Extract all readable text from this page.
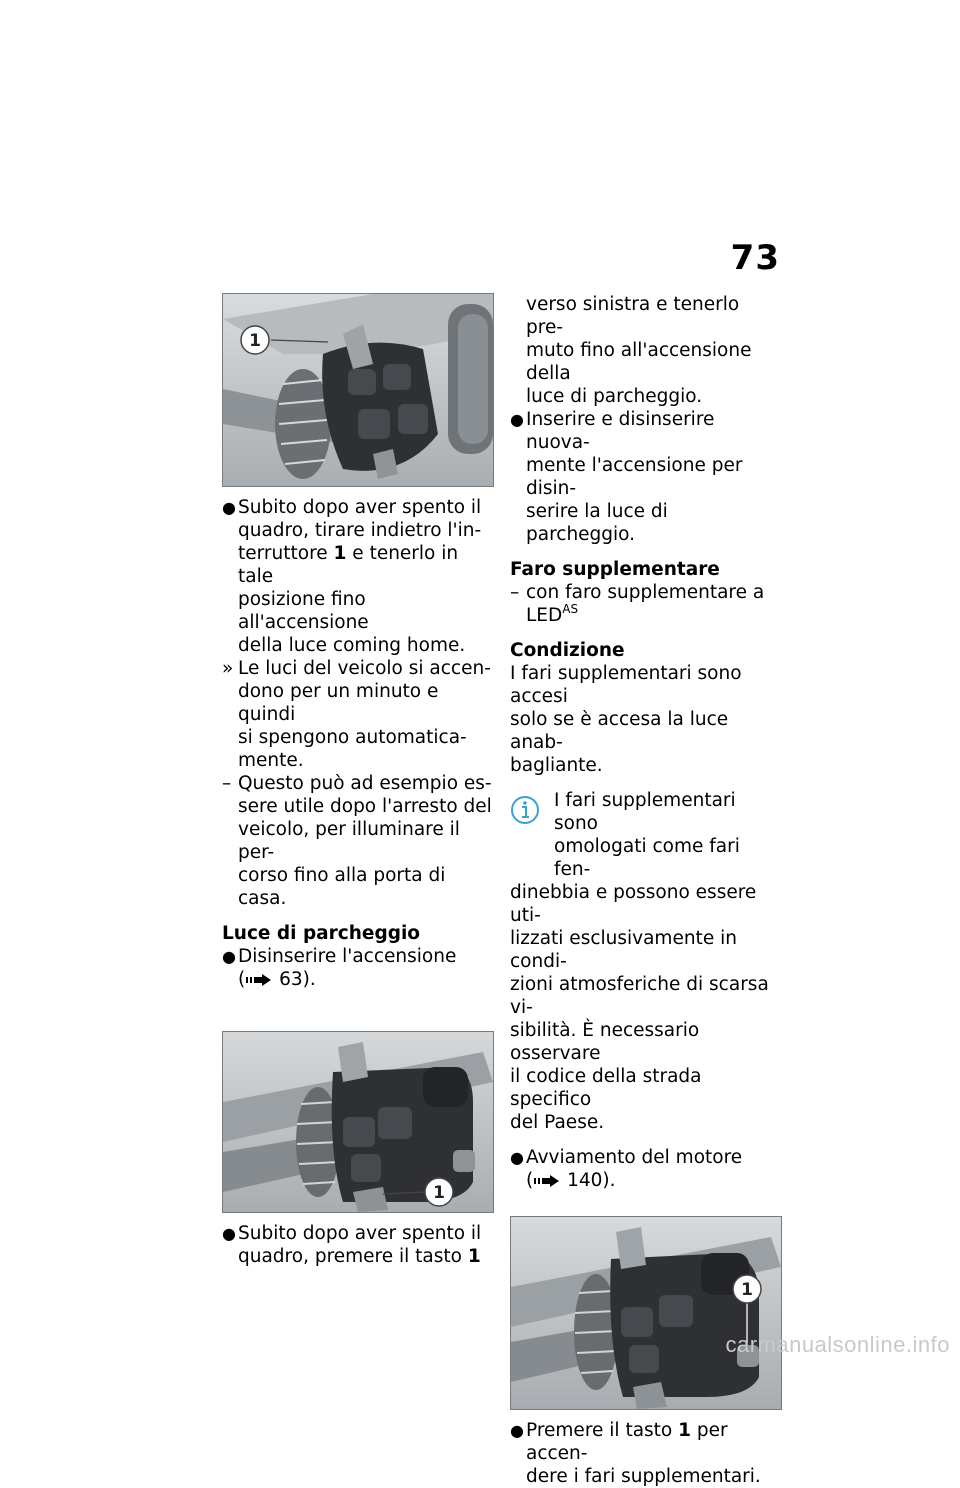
73
1

● Subito dopo aver spento il
quadro, tirare indietro l'in-
terruttore 1 e tenerlo in tale
posizione fino all'accensione
della luce coming home.

» Le luci del veicolo si accen-
dono per un minuto e quindi
si spengono automatica-
mente.

– Questo può ad esempio es-
sere utile dopo l'arresto del
veicolo, per illuminare il per-
corso fino alla porta di casa.

Luce di parcheggio

● Disinserire l'accensione
( 63).

1

● Subito dopo aver spento il
quadro, premere il tasto 1

verso sinistra e tenerlo pre-
muto fino all'accensione della
luce di parcheggio.

● Inserire e disinserire nuova-
mente l'accensione per disin-
serire la luce di parcheggio.

Faro supplementare

– con faro supplementare a
$LED^{AS}$

Condizione

I fari supplementari sono accesi
solo se è accesa la luce anab-
bagliante.

I fari supplementari sono
omologati come fari fen-

dinebbia e possono essere uti-
lizzati esclusivamente in condi-
zioni atmosferiche di scarsa vi-
sibilità. È necessario osservare
il codice della strada specifico
del Paese.

● Avviamento del motore
( 140).

1

● Premere il tasto 1 per accen-
dere i fari supplementari.

carmanualsonline.info
